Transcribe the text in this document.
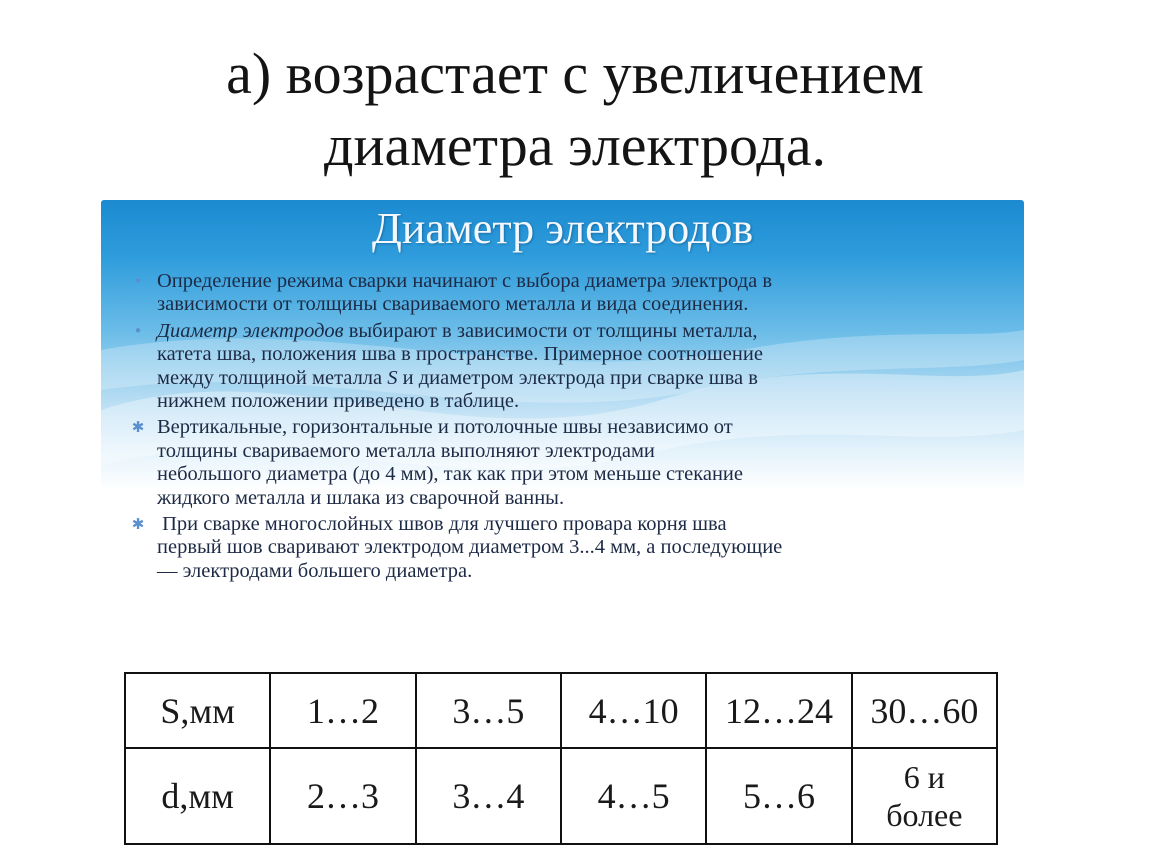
а) возрастает с увеличением
диаметра электрода.
Диаметр электродов
• Определение режима сварки начинают с выбора диаметра электрода в
зависимости от толщины свариваемого металла и вида соединения.
• Диаметр электродов выбирают в зависимости от толщины металла,
катета шва, положения шва в пространстве. Примерное соотношение
между толщиной металла S и диаметром электрода при сварке шва в
нижнем положении приведено в таблице.
✱ Вертикальные, горизонтальные и потолочные швы независимо от
толщины свариваемого металла выполняют электродами
небольшого диаметра (до 4 мм), так как при этом меньше стекание
жидкого металла и шлака из сварочной ванны.
✱ При сварке многослойных швов для лучшего провара корня шва
первый шов сваривают электродом диаметром 3...4 мм, а последующие
— электродами большего диаметра.
S,мм	1…2	3…5	4…10	12…24	30…60
d,мм	2…3	3…4	4…5	5…6	6 и
более
